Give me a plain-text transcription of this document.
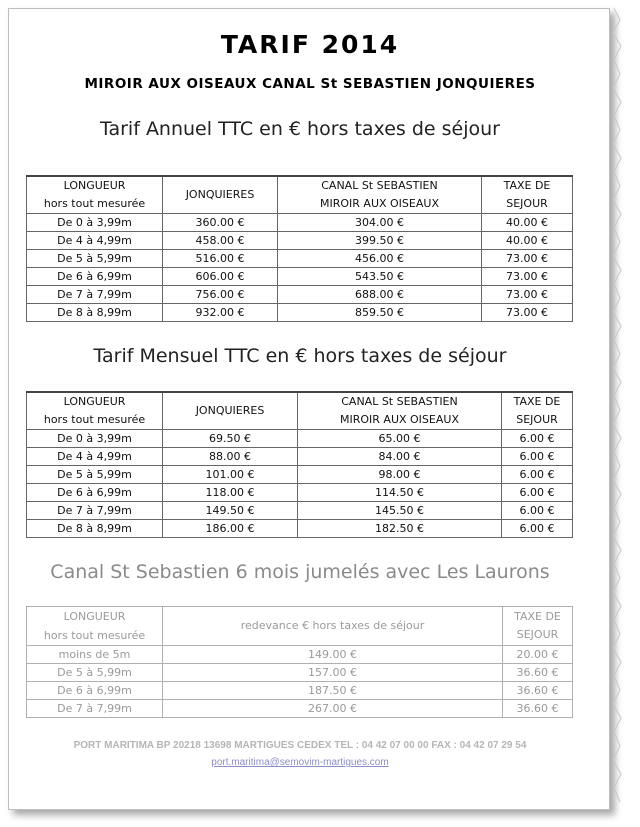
TARIF 2014
MIROIR AUX OISEAUX CANAL St SEBASTIEN JONQUIERES
Tarif Annuel TTC en € hors taxes de séjour
LONGUEUR
hors tout mesurée	JONQUIERES	CANAL St SEBASTIEN
MIROIR AUX OISEAUX	TAXE DE
SEJOUR
De 0 à 3,99m	360.00 €	304.00 €	40.00 €
De 4 à 4,99m	458.00 €	399.50 €	40.00 €
De 5 à 5,99m	516.00 €	456.00 €	73.00 €
De 6 à 6,99m	606.00 €	543.50 €	73.00 €
De 7 à 7,99m	756.00 €	688.00 €	73.00 €
De 8 à 8,99m	932.00 €	859.50 €	73.00 €
Tarif Mensuel TTC en € hors taxes de séjour
LONGUEUR
hors tout mesurée	JONQUIERES	CANAL St SEBASTIEN
MIROIR AUX OISEAUX	TAXE DE
SEJOUR
De 0 à 3,99m	69.50 €	65.00 €	6.00 €
De 4 à 4,99m	88.00 €	84.00 €	6.00 €
De 5 à 5,99m	101.00 €	98.00 €	6.00 €
De 6 à 6,99m	118.00 €	114.50 €	6.00 €
De 7 à 7,99m	149.50 €	145.50 €	6.00 €
De 8 à 8,99m	186.00 €	182.50 €	6.00 €
Canal St Sebastien 6 mois jumelés avec Les Laurons
LONGUEUR
hors tout mesurée	redevance € hors taxes de séjour	TAXE DE
SEJOUR
moins de 5m	149.00 €	20.00 €
De 5 à 5,99m	157.00 €	36.60 €
De 6 à 6,99m	187.50 €	36.60 €
De 7 à 7,99m	267.00 €	36.60 €
PORT MARITIMA BP 20218 13698 MARTIGUES CEDEX TEL : 04 42 07 00 00 FAX : 04 42 07 29 54
port.maritima@semovim-martigues.com
